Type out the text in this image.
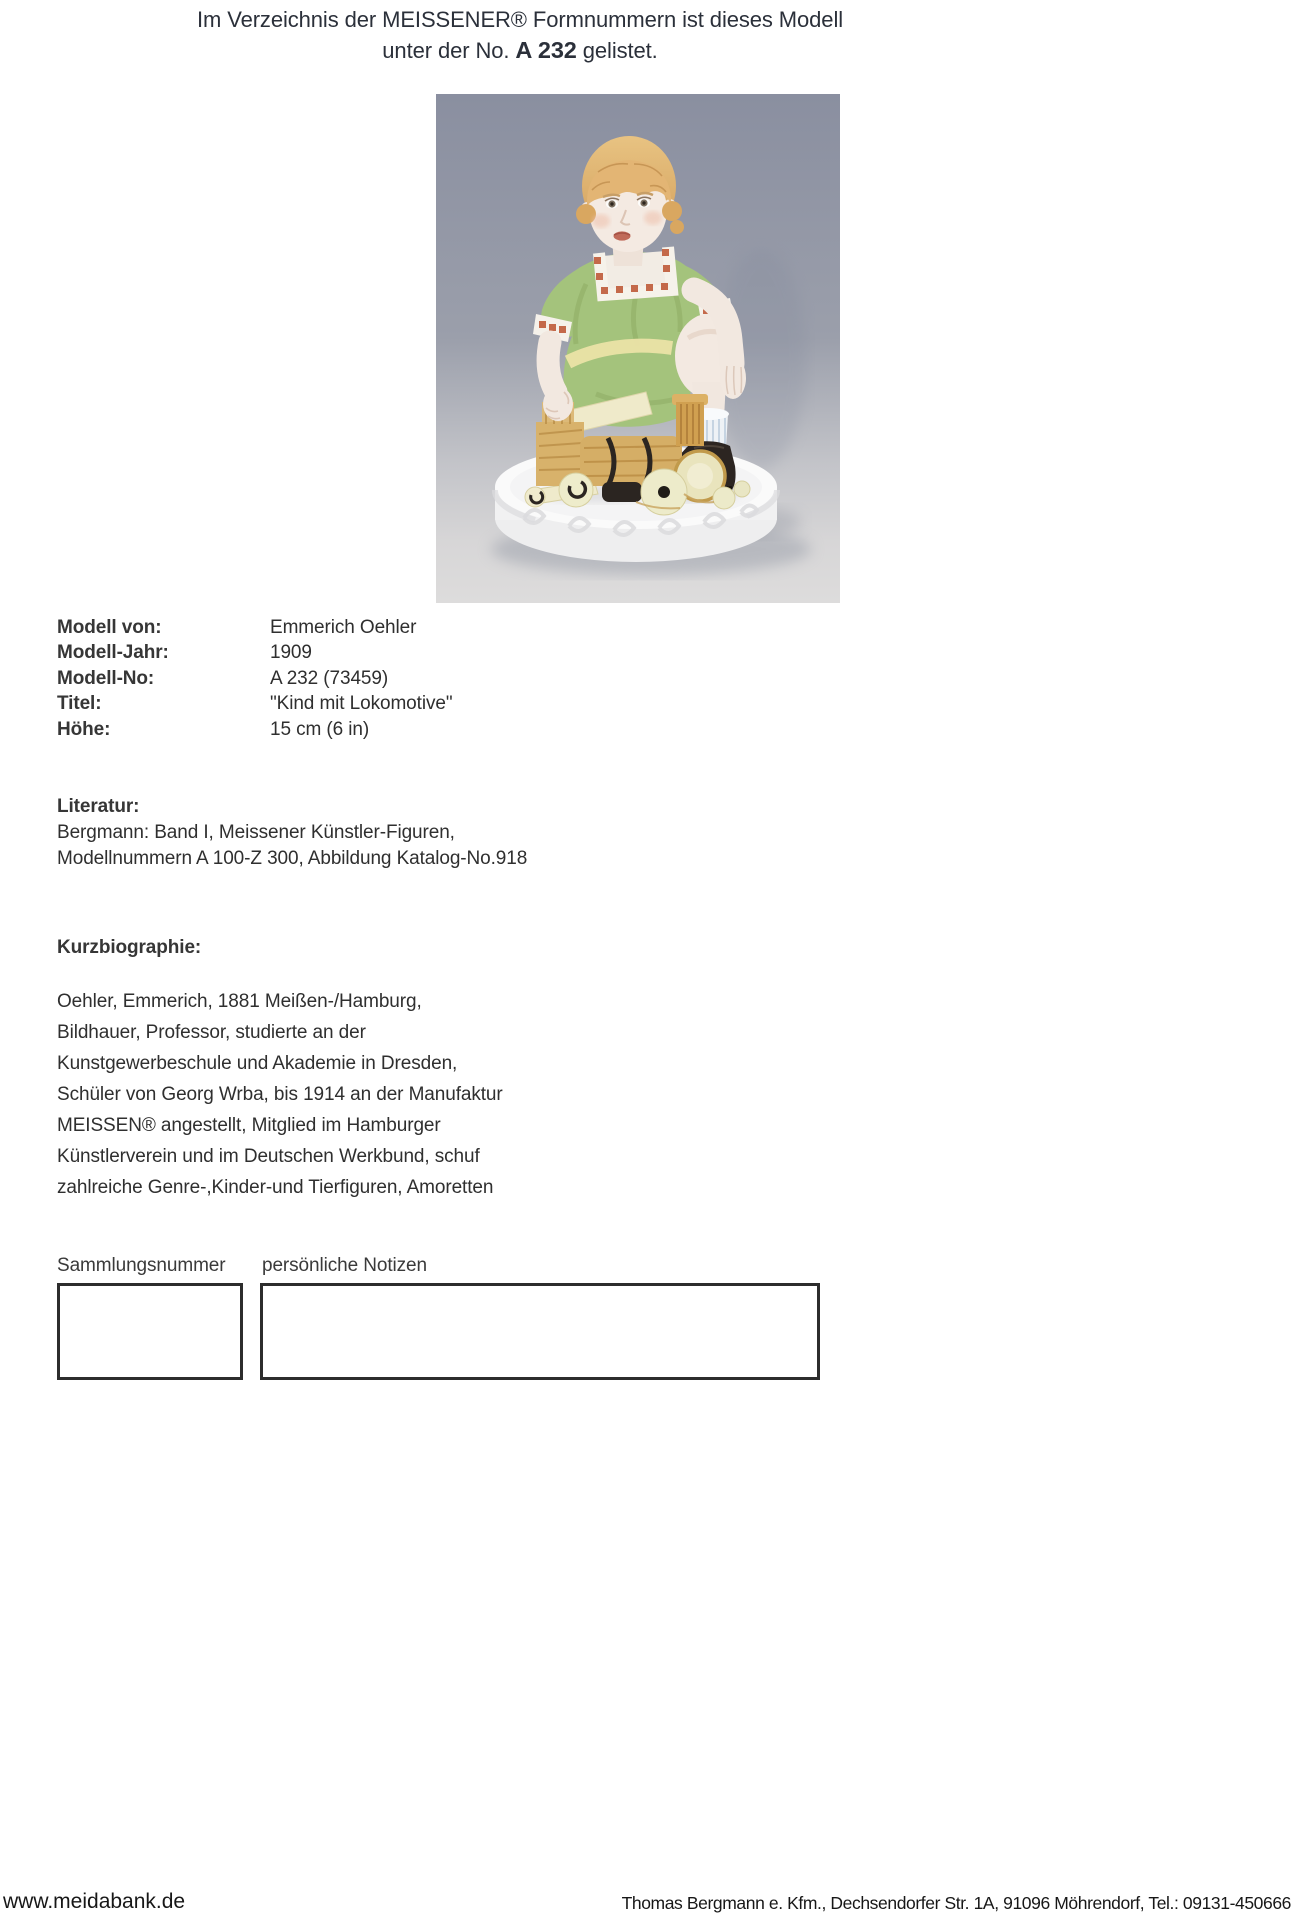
Im Verzeichnis der MEISSENER® Formnummern ist dieses Modell
unter der No. A 232 gelistet.
Modell von:	Emmerich Oehler
Modell-Jahr:	1909
Modell-No:	A 232 (73459)
Titel:	"Kind mit Lokomotive"
Höhe:	15 cm (6 in)
Literatur:
Bergmann: Band I, Meissener Künstler-Figuren,
Modellnummern A 100-Z 300, Abbildung Katalog-No.918
Kurzbiographie:
Oehler, Emmerich, 1881 Meißen-/Hamburg,
Bildhauer, Professor, studierte an der
Kunstgewerbeschule und Akademie in Dresden,
Schüler von Georg Wrba, bis 1914 an der Manufaktur
MEISSEN® angestellt, Mitglied im Hamburger
Künstlerverein und im Deutschen Werkbund, schuf
zahlreiche Genre-,Kinder-und Tierfiguren, Amoretten
Sammlungsnummer persönliche Notizen
www.meidabank.de	Thomas Bergmann e. Kfm., Dechsendorfer Str. 1A, 91096 Möhrendorf, Tel.: 09131-450666
